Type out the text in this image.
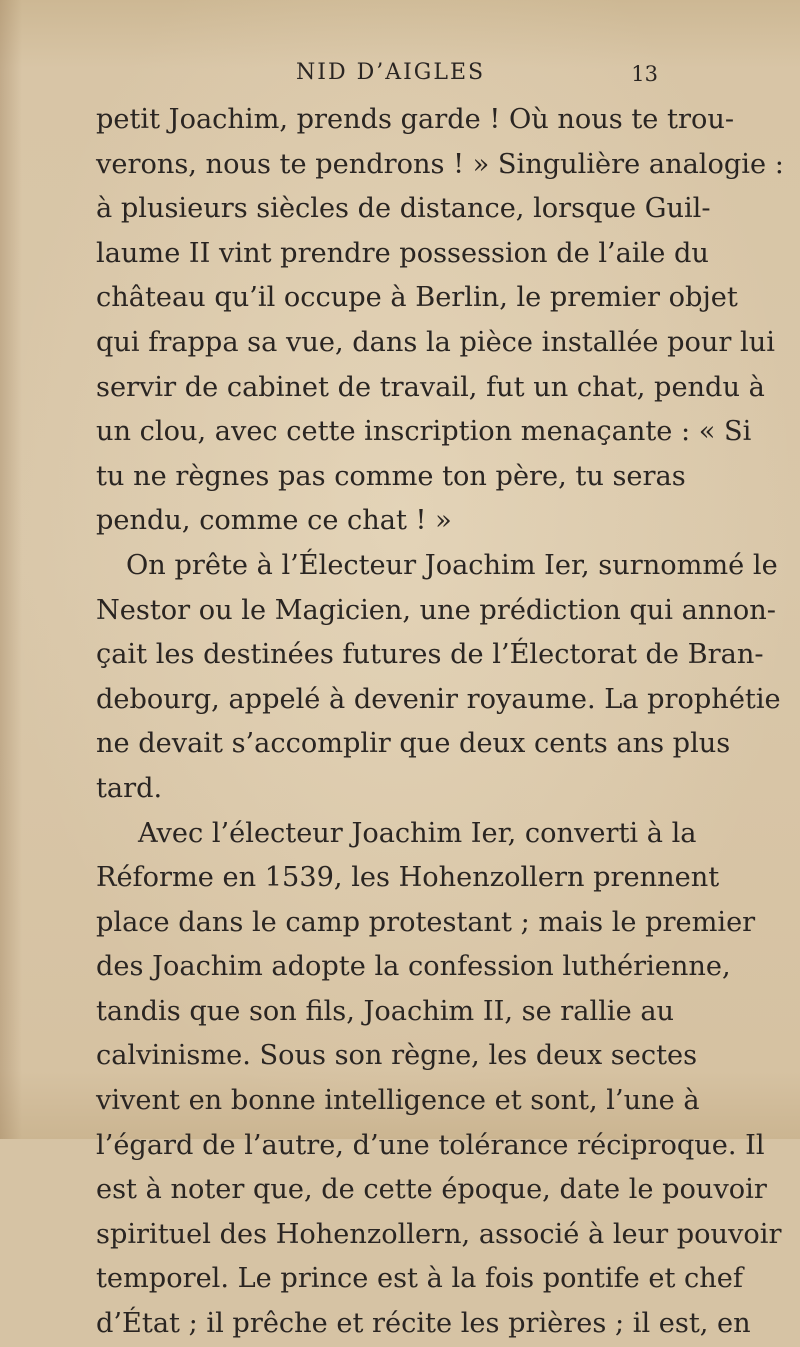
NID D’AIGLES	13
petit Joachim, prends garde ! Où nous te trou-
verons, nous te pendrons ! » Singulière analogie :
à plusieurs siècles de distance, lorsque Guil-
laume II vint prendre possession de l’aile du
château qu’il occupe à Berlin, le premier objet
qui frappa sa vue, dans la pièce installée pour lui
servir de cabinet de travail, fut un chat, pendu à
un clou, avec cette inscription menaçante : « Si
tu ne règnes pas comme ton père, tu seras
pendu, comme ce chat ! »
On prête à l’Électeur Joachim Ier, surnommé le
Nestor ou le Magicien, une prédiction qui annon-
çait les destinées futures de l’Électorat de Bran-
debourg, appelé à devenir royaume. La prophétie
ne devait s’accomplir que deux cents ans plus
tard.
Avec l’électeur Joachim Ier, converti à la
Réforme en 1539, les Hohenzollern prennent
place dans le camp protestant ; mais le premier
des Joachim adopte la confession luthérienne,
tandis que son fils, Joachim II, se rallie au
calvinisme. Sous son règne, les deux sectes
vivent en bonne intelligence et sont, l’une à
l’égard de l’autre, d’une tolérance réciproque. Il
est à noter que, de cette époque, date le pouvoir
spirituel des Hohenzollern, associé à leur pouvoir
temporel. Le prince est à la fois pontife et chef
d’État ; il prêche et récite les prières ; il est, en
